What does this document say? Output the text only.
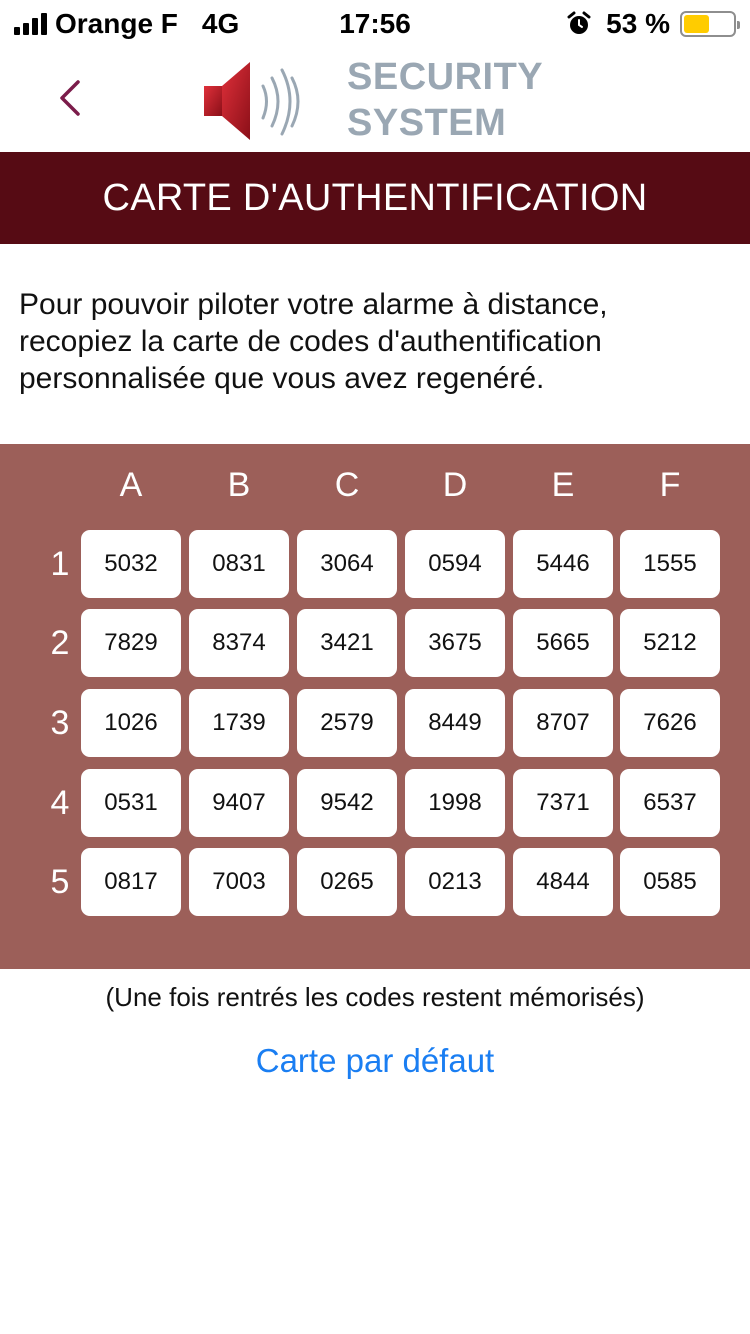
Orange F 4G	17:56	53 %
SECURITY
SYSTEM
CARTE D'AUTHENTIFICATION

Pour pouvoir piloter votre alarme à distance, recopiez la carte de codes d'authentification personnalisée que vous avez regenéré.

A	B	C	D	E	F
1	5032	0831	3064	0594	5446	1555
2	7829	8374	3421	3675	5665	5212
3	1026	1739	2579	8449	8707	7626
4	0531	9407	9542	1998	7371	6537
5	0817	7003	0265	0213	4844	0585
(Une fois rentrés les codes restent mémorisés)
Carte par défaut
